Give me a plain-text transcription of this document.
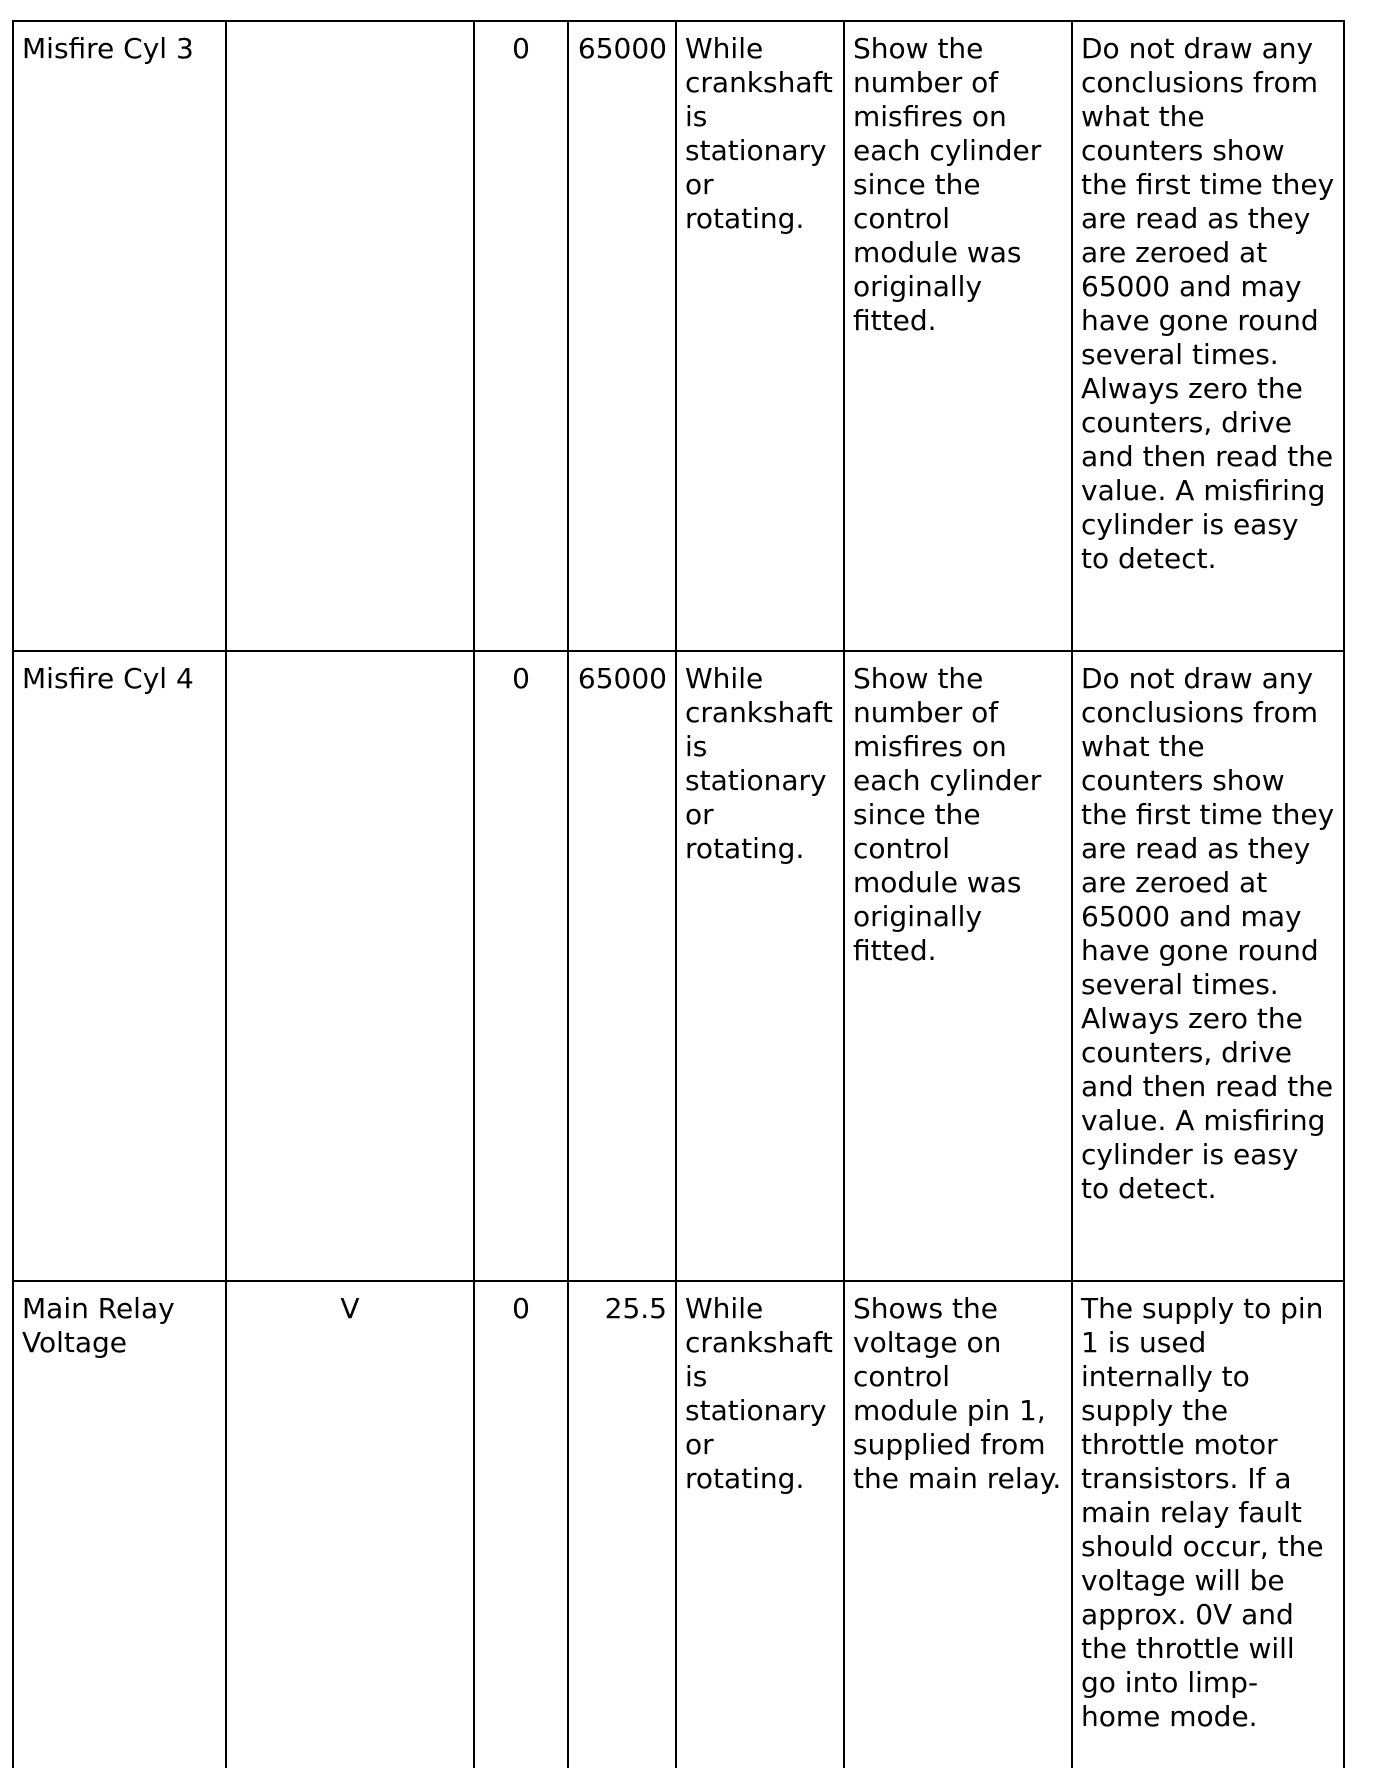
Misfire Cyl 3		0	65000	While crankshaft is stationary or rotating.	Show the number of misfires on each cylinder since the control module was originally fitted.	Do not draw any conclusions from what the counters show the first time they are read as they are zeroed at 65000 and may have gone round several times. Always zero the counters, drive and then read the value. A misfiring cylinder is easy to detect.
Misfire Cyl 4		0	65000	While crankshaft is stationary or rotating.	Show the number of misfires on each cylinder since the control module was originally fitted.	Do not draw any conclusions from what the counters show the first time they are read as they are zeroed at 65000 and may have gone round several times. Always zero the counters, drive and then read the value. A misfiring cylinder is easy to detect.
Main Relay Voltage	V	0	25.5	While crankshaft is stationary or rotating.	Shows the voltage on control module pin 1, supplied from the main relay.	The supply to pin 1 is used internally to supply the throttle motor transistors. If a main relay fault should occur, the voltage will be approx. 0V and the throttle will go into limp-home mode.
